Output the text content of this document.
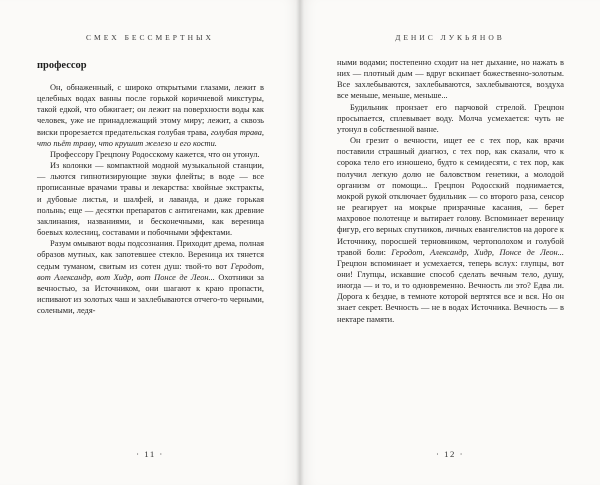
СМЕХ БЕССМЕРТНЫХ
профессор

Он, обнаженный, с широко открытыми глазами, лежит в целебных водах ванны после горькой коричневой микстуры, такой едкой, что обжигает; он лежит на поверхности воды как человек, уже не принадлежащий этому миру; лежит, а сквозь виски прорезается предательская голубая трава, голубая трава, что пьёт траву, что крушит железо и его кости.

Профессору Грецпону Родосскому кажется, что он утонул.

Из колонки — компактной модной музыкальной станции, — льются гипнотизирующие звуки флейты; в воде — все прописанные врачами травы и лекарства: хвойные экстракты, и дубовые листья, и шалфей, и лаванда, и даже горькая полынь; еще — десятки препаратов с антигенами, как древние заклинания, названиями, и бесконечными, как вереница боевых колесниц, составами и побочными эффектами.

Разум омывают воды подсознания. Приходит дрема, полная образов мутных, как запотевшее стекло. Вереница их тянется седым туманом, свитым из сотен душ: твой-то вот Геродот, вот Александр, вот Хидр, вот Понсе де Леон... Охотники за вечностью, за Источником, они шагают к краю пропасти, испивают из золотых чаш и захлебываются отчего-то черными, солеными, ледя-

· 11 ·
ДЕНИС ЛУКЬЯНОВ

ными водами; постепенно сходит на нет дыхание, но нажать в них — плотный дым — вдруг вскипает божественно-золотым. Все захлебываются, захлебываются, захлебываются, воздуха все меньше, меньше, меньше...

Будильник пронзает его парчовой стрелой. Грецпон просыпается, сплевывает воду. Молча усмехается: чуть не утонул в собственной ванне.

Он грезит о вечности, ищет ее с тех пор, как врачи поставили страшный диагноз, с тех пор, как сказали, что к сорока тело его изношено, будто к семидесяти, с тех пор, как получил легкую долю не баловством генетики, а молодой организм от помощи... Грецпон Родосский поднимается, мокрой рукой отключает будильник — со второго раза, сенсор не реагирует на мокрые призрачные касания, — берет махровое полотенце и вытирает голову. Вспоминает вереницу фигур, его верных спутников, личных евангелистов на дороге к Источнику, поросшей терновником, чертополохом и голубой травой боли: Геродот, Александр, Хидр, Понсе де Леон... Грецпон вспоминает и усмехается, теперь вслух: глупцы, вот они! Глупцы, искавшие способ сделать вечным тело, душу, иногда — и то, и то одновременно. Вечность ли это? Едва ли. Дорога к бездне, в темноте которой вертятся все и вся. Но он знает секрет. Вечность — не в водах Источника. Вечность — в нектаре памяти.

· 12 ·
